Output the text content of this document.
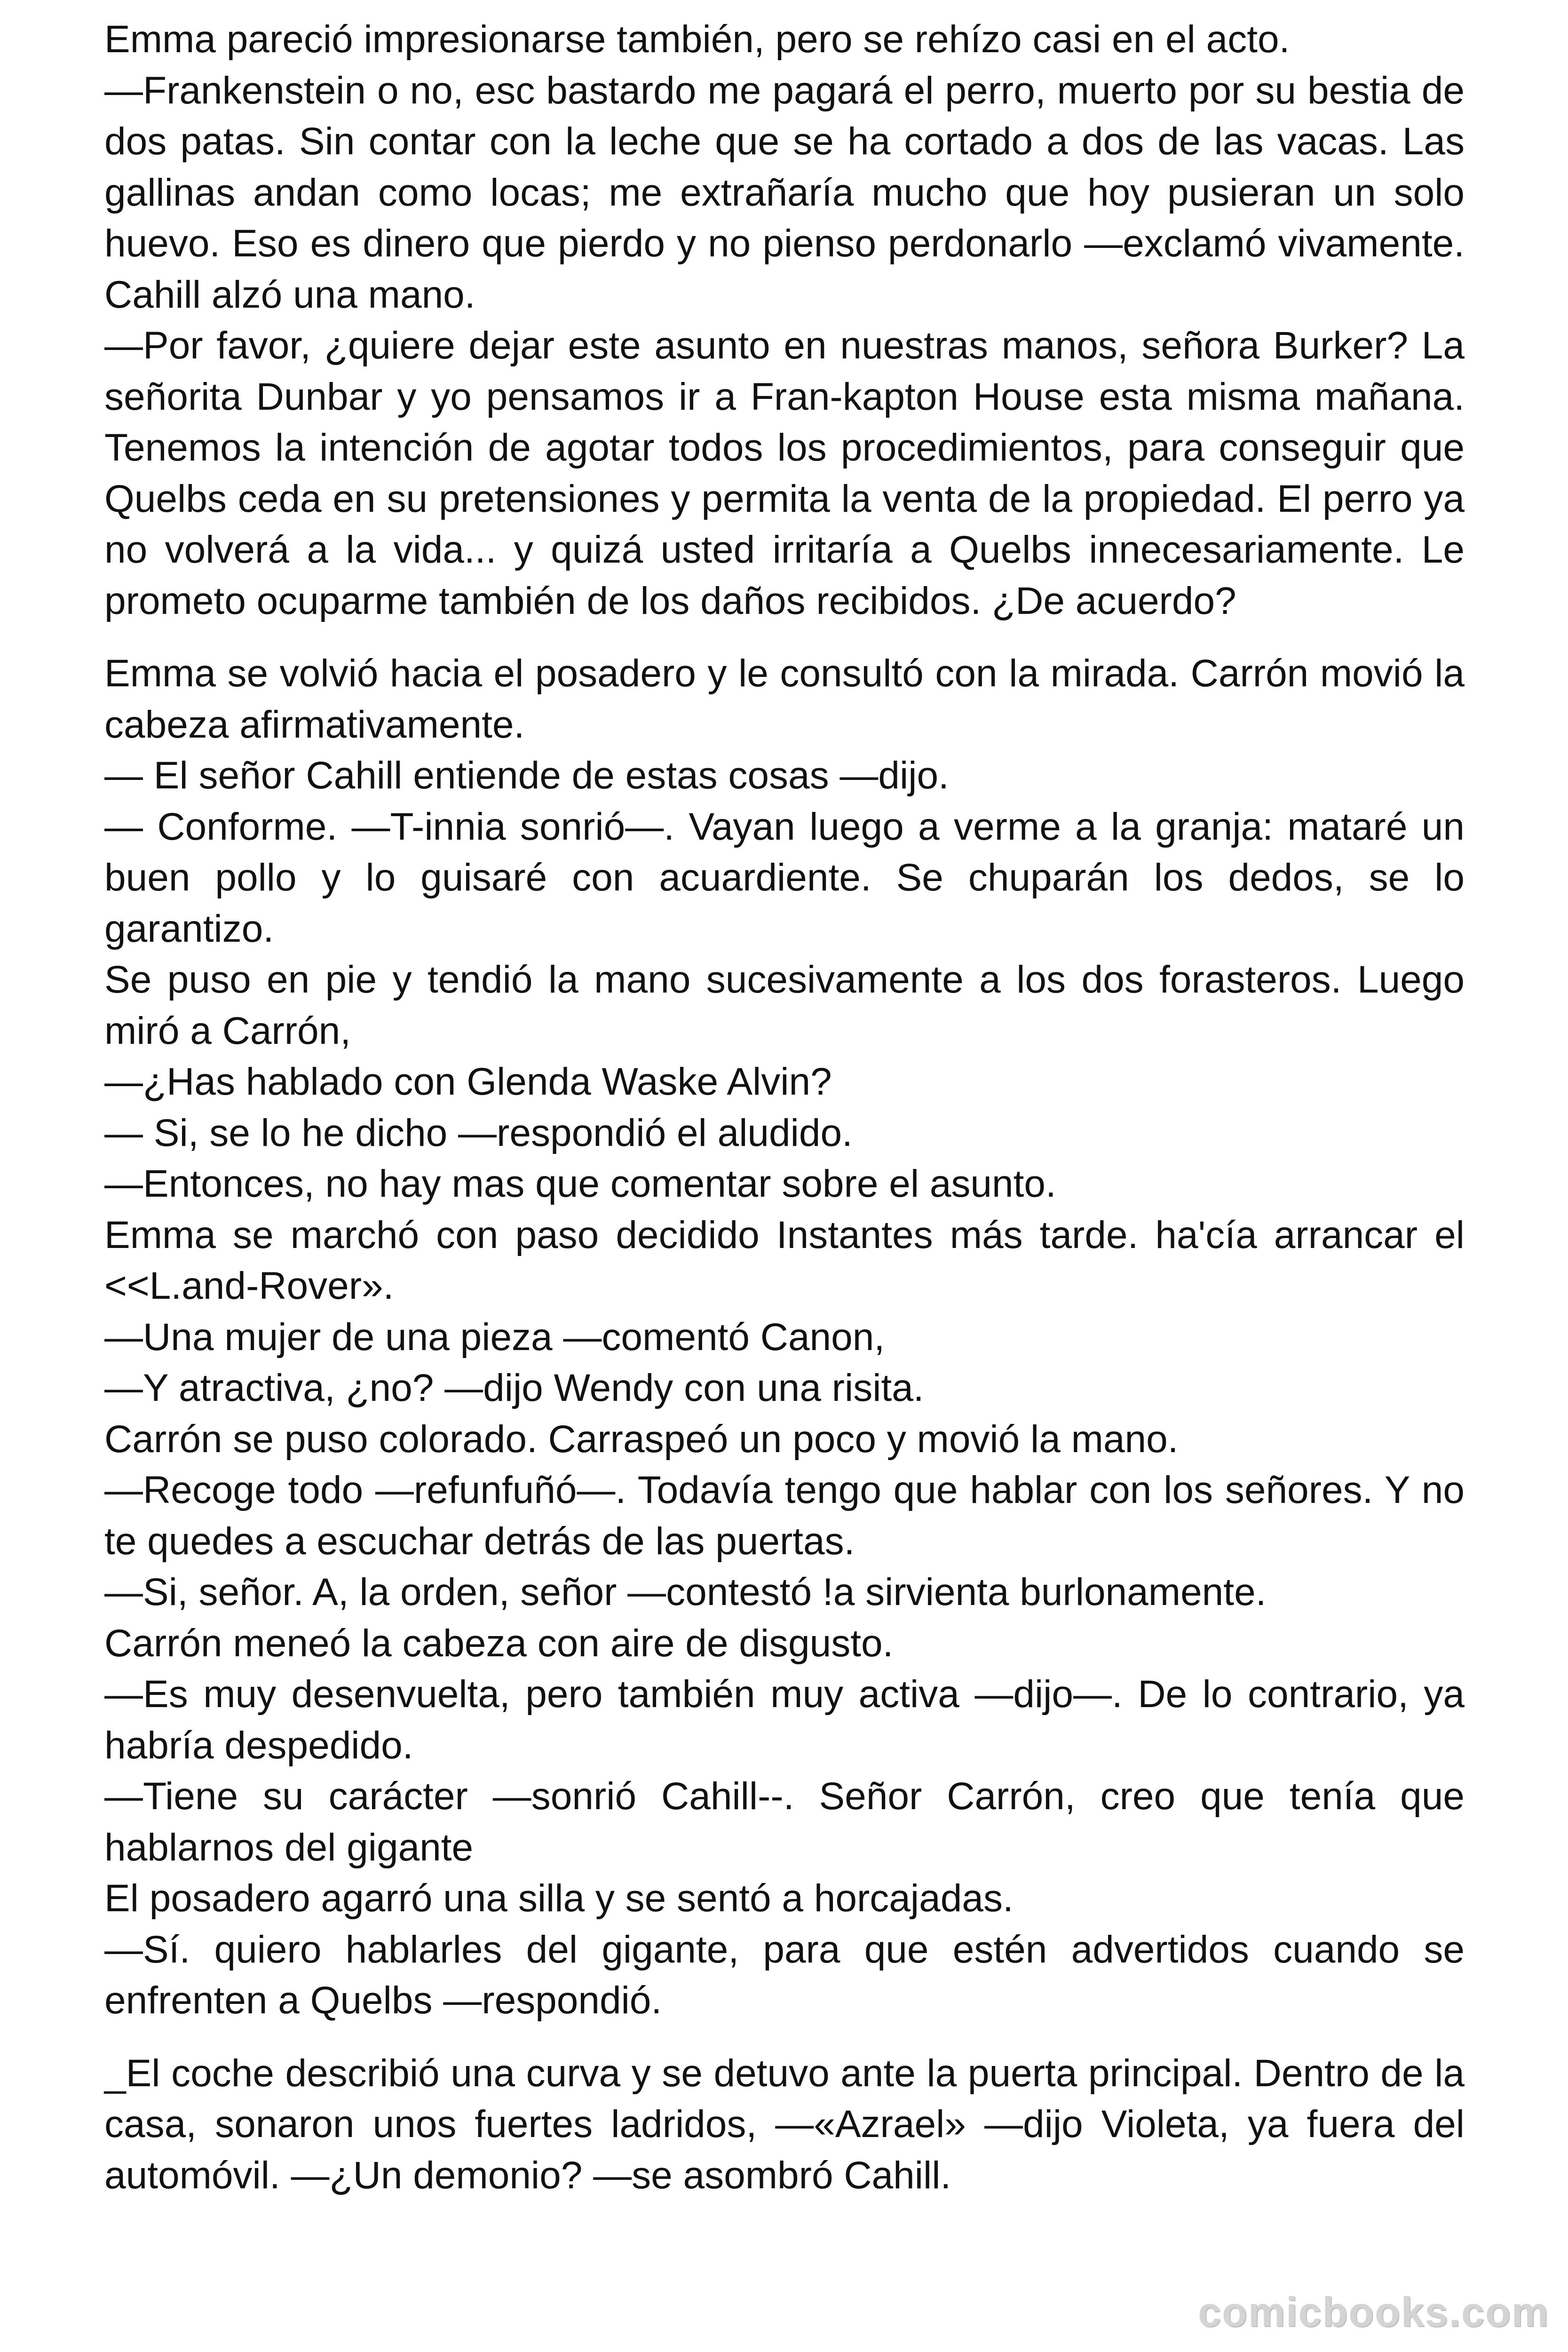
Emma pareció impresionarse también, pero se rehízo casi en el acto.

—Frankenstein o no, esc bastardo me pagará el perro, muerto por su bestia de dos patas. Sin contar con la leche que se ha cortado a dos de las vacas. Las gallinas andan como locas; me extrañaría mucho que hoy pusieran un solo huevo. Eso es dinero que pierdo y no pienso perdonarlo —exclamó vivamente. Cahill alzó una mano.

—Por favor, ¿quiere dejar este asunto en nuestras manos, señora Burker? La señorita Dunbar y yo pensamos ir a Fran-kapton House esta misma mañana. Tenemos la intención de agotar todos los procedimientos, para conseguir que Quelbs ceda en su pretensiones y permita la venta de la propiedad. El perro ya no volverá a la vida... y quizá usted irritaría a Quelbs innecesariamente. Le prometo ocuparme también de los daños recibidos. ¿De acuerdo?

Emma se volvió hacia el posadero y le consultó con la mirada. Carrón movió la cabeza afirmativamente.

— El señor Cahill entiende de estas cosas —dijo.

— Conforme. —T-innia sonrió—. Vayan luego a verme a la granja: mataré un buen pollo y lo guisaré con acuardiente. Se chuparán los dedos, se lo garantizo.

Se puso en pie y tendió la mano sucesivamente a los dos forasteros. Luego miró a Carrón,

—¿Has hablado con Glenda Waske Alvin?

— Si, se lo he dicho —respondió el aludido.

—Entonces, no hay mas que comentar sobre el asunto.

Emma se marchó con paso decidido Instantes más tarde. ha'cía arrancar el <<L.and-Rover».

—Una mujer de una pieza —comentó Canon,

—Y atractiva, ¿no? —dijo Wendy con una risita.

Carrón se puso colorado. Carraspeó un poco y movió la mano.

—Recoge todo —refunfuñó—. Todavía tengo que hablar con los señores. Y no te quedes a escuchar detrás de las puertas.

—Si, señor. A, la orden, señor —contestó !a sirvienta burlonamente.

Carrón meneó la cabeza con aire de disgusto.

—Es muy desenvuelta, pero también muy activa —dijo—. De lo contrario, ya habría despedido.

—Tiene su carácter —sonrió Cahill--. Señor Carrón, creo que tenía que hablarnos del gigante

El posadero agarró una silla y se sentó a horcajadas.

—Sí. quiero hablarles del gigante, para que estén advertidos cuando se enfrenten a Quelbs —respondió.

_El coche describió una curva y se detuvo ante la puerta principal. Dentro de la casa, sonaron unos fuertes ladridos, —«Azrael» —dijo Violeta, ya fuera del automóvil. —¿Un demonio? —se asombró Cahill.

comicbooks.com
